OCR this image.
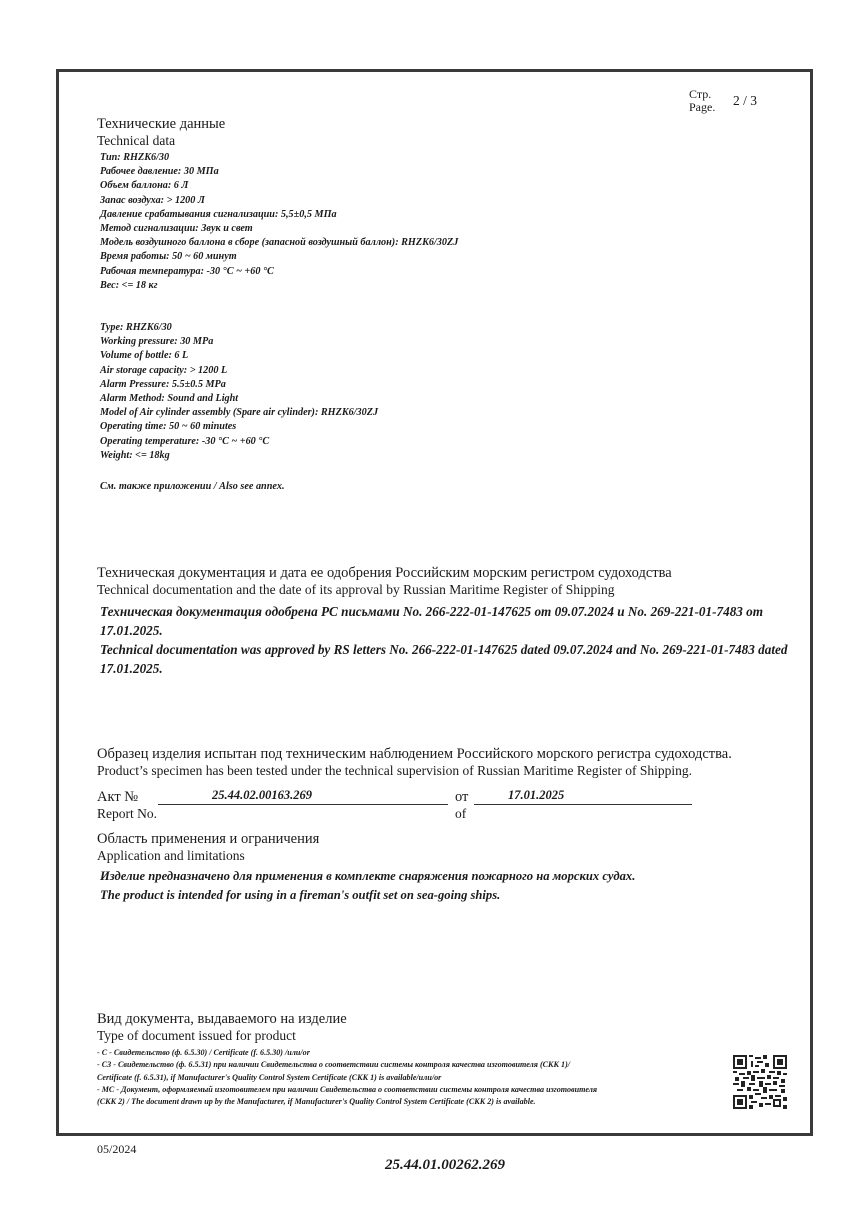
Стр.
Page. 2 / 3
Технические данные
Technical data
Тип: RHZK6/30
Рабочее давление: 30 МПа
Объем баллона: 6 Л
Запас воздуха: > 1200 Л
Давление срабатывания сигнализации: 5,5±0,5 МПа
Метод сигнализации: Звук и свет
Модель воздушного баллона в сборе (запасной воздушный баллон): RHZK6/30ZJ
Время работы: 50 ~ 60 минут
Рабочая температура: -30 °С ~ +60 °С
Вес: <= 18 кг
Type: RHZK6/30
Working pressure: 30 MPa
Volume of bottle: 6 L
Air storage capacity: > 1200 L
Alarm Pressure: 5.5±0.5 MPa
Alarm Method: Sound and Light
Model of Air cylinder assembly (Spare air cylinder): RHZK6/30ZJ
Operating time: 50 ~ 60 minutes
Operating temperature: -30 °C ~ +60 °C
Weight: <= 18kg
См. также приложении / Also see annex.
Техническая документация и дата ее одобрения Российским морским регистром судоходства
Technical documentation and the date of its approval by Russian Maritime Register of Shipping
Техническая документация одобрена РС письмами No. 266-222-01-147625 от 09.07.2024 и No. 269-221-01-7483 от 17.01.2025.
Technical documentation was approved by RS letters No. 266-222-01-147625 dated 09.07.2024 and No. 269-221-01-7483 dated 17.01.2025.
Образец изделия испытан под техническим наблюдением Российского морского регистра судоходства.
Product’s specimen has been tested under the technical supervision of Russian Maritime Register of Shipping.
Акт №
Report No.
25.44.02.00163.269	от
of
17.01.2025
Область применения и ограничения
Application and limitations
Изделие предназначено для применения в комплекте снаряжения пожарного на морских судах.
The product is intended for using in a fireman's outfit set on sea-going ships.
Вид документа, выдаваемого на изделие
Type of document issued for product
- С - Свидетельство (ф. 6.5.30) / Certificate (f. 6.5.30) /или/or
- СЗ - Свидетельство (ф. 6.5.31) при наличии Свидетельства о соответствии системы контроля качества изготовителя (СКК 1)/
Certificate (f. 6.5.31), if Manufacturer's Quality Control System Certificate (СКК 1) is available/или/or
- МС - Документ, оформляемый изготовителем при наличии Свидетельства о соответствии системы контроля качества изготовителя
(СКК 2) / The document drawn up by the Manufacturer, if Manufacturer's Quality Control System Certificate (СКК 2) is available.
05/2024
25.44.01.00262.269
